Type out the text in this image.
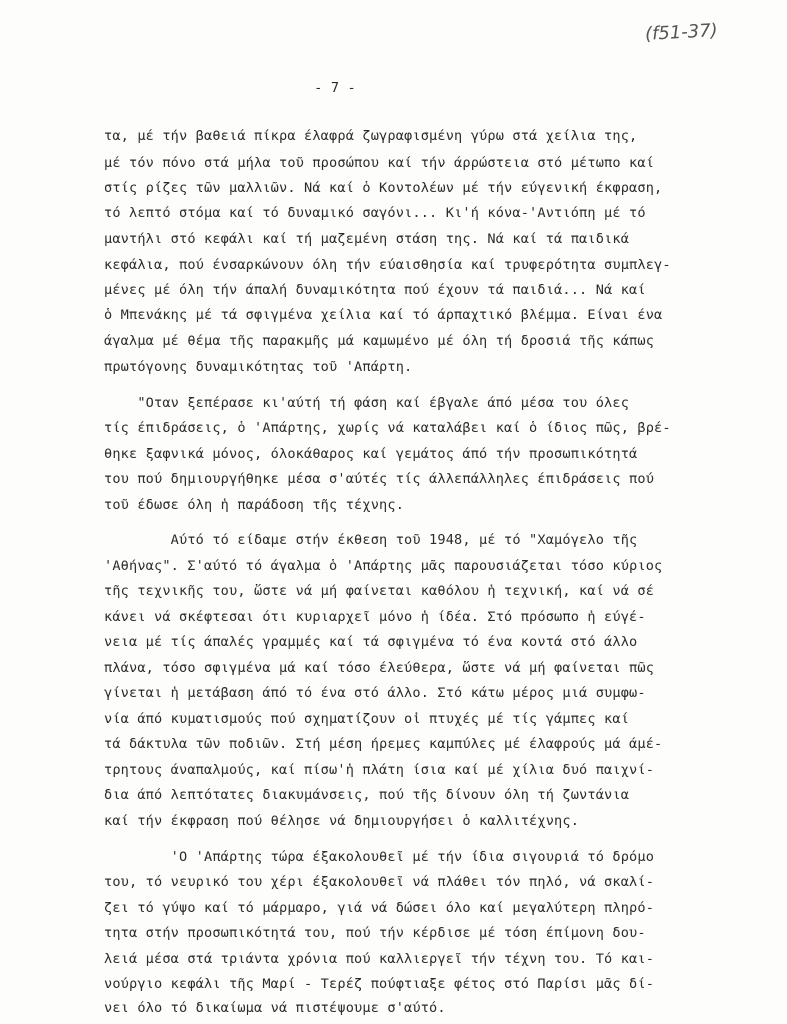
(f51-37)
- 7 -
τα, μέ τήν βαθειά πίκρα έλαφρά ζωγραφισμένη γύρω στά χείλια της,
μέ τόν πόνο στά μήλα τοῦ προσώπου καί τήν άρρώστεια στό μέτωπο καί
στίς ρίζες τῶν μαλλιῶν. Νά καί ὁ Κοντολέων μέ τήν εύγενική έκφραση,
τό λεπτό στόμα καί τό δυναμικό σαγόνι... Κι'ή κόνα-'Αντιόπη μέ τό
μαντήλι στό κεφάλι καί τή μαζεμένη στάση της. Νά καί τά παιδικά
κεφάλια, πού ένσαρκώνουν όλη τήν εύαισθησία καί τρυφερότητα συμπλεγ-
μένες μέ όλη τήν άπαλή δυναμικότητα πού έχουν τά παιδιά... Νά καί
ὁ Μπενάκης μέ τά σφιγμένα χείλια καί τό άρπαχτικό βλέμμα. Είναι ένα
άγαλμα μέ θέμα τῆς παρακμῆς μά καμωμένο μέ όλη τή δροσιά τῆς κάπως
πρωτόγονης δυναμικότητας τοῦ 'Απάρτη.
"Οταν ξεπέρασε κι'αύτή τή φάση καί έβγαλε άπό μέσα του όλες
τίς έπιδράσεις, ὁ 'Απάρτης, χωρίς νά καταλάβει καί ὁ ίδιος πῶς, βρέ-
θηκε ξαφνικά μόνος, όλοκάθαρος καί γεμάτος άπό τήν προσωπικότητά
του πού δημιουργήθηκε μέσα σ'αύτές τίς άλλεπάλληλες έπιδράσεις πού
τοῦ έδωσε όλη ἡ παράδοση τῆς τέχνης.
Αύτό τό είδαμε στήν έκθεση τοῦ 1948, μέ τό "Χαμόγελο τῆς
'Αθήνας". Σ'αύτό τό άγαλμα ὁ 'Απάρτης μᾶς παρουσιάζεται τόσο κύριος
τῆς τεχνικῆς του, ὥστε νά μή φαίνεται καθόλου ἡ τεχνική, καί νά σέ
κάνει νά σκέφτεσαι ότι κυριαρχεῖ μόνο ἡ ίδέα. Στό πρόσωπο ἡ εύγέ-
νεια μέ τίς άπαλές γραμμές καί τά σφιγμένα τό ένα κοντά στό άλλο
πλάνα, τόσο σφιγμένα μά καί τόσο έλεύθερα, ὥστε νά μή φαίνεται πῶς
γίνεται ἡ μετάβαση άπό τό ένα στό άλλο. Στό κάτω μέρος μιά συμφω-
νία άπό κυματισμούς πού σχηματίζουν οἱ πτυχές μέ τίς γάμπες καί
τά δάκτυλα τῶν ποδιῶν. Στή μέση ήρεμες καμπύλες μέ έλαφρούς μά άμέ-
τρητους άναπαλμούς, καί πίσω'ἡ πλάτη ίσια καί μέ χίλια δυό παιχνί-
δια άπό λεπτότατες διακυμάνσεις, πού τῆς δίνουν όλη τή ζωντάνια
καί τήν έκφραση πού θέλησε νά δημιουργήσει ὁ καλλιτέχνης.
'Ο 'Απάρτης τώρα έξακολουθεῖ μέ τήν ίδια σιγουριά τό δρόμο
του, τό νευρικό του χέρι έξακολουθεῖ νά πλάθει τόν πηλό, νά σκαλί-
ζει τό γύψο καί τό μάρμαρο, γιά νά δώσει όλο καί μεγαλύτερη πληρό-
τητα στήν προσωπικότητά του, πού τήν κέρδισε μέ τόση έπίμονη δου-
λειά μέσα στά τριάντα χρόνια πού καλλιεργεῖ τήν τέχνη του. Τό και-
νούργιο κεφάλι τῆς Μαρί - Τερέζ πούφτιαξε φέτος στό Παρίσι μᾶς δί-
νει όλο τό δικαίωμα νά πιστέψουμε σ'αύτό.
